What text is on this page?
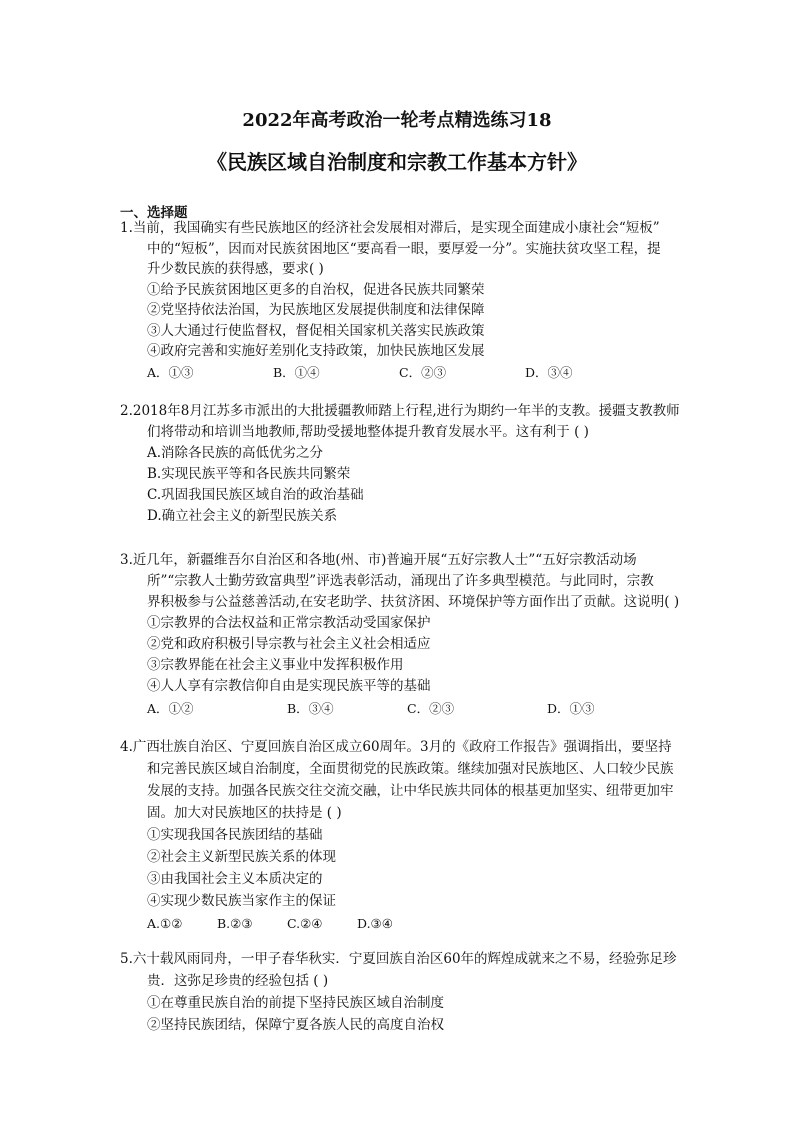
2022年高考政治一轮考点精选练习18
《民族区域自治制度和宗教工作基本方针》
一、选择题
1.当前，我国确实有些民族地区的经济社会发展相对滞后，是实现全面建成小康社会“短板”
中的“短板”，因而对民族贫困地区“要高看一眼，要厚爱一分”。实施扶贫攻坚工程，提
升少数民族的获得感，要求( )
①给予民族贫困地区更多的自治权，促进各民族共同繁荣
②党坚持依法治国，为民族地区发展提供制度和法律保障
③人大通过行使监督权，督促相关国家机关落实民族政策
④政府完善和实施好差别化支持政策，加快民族地区发展
A．①③	B．①④	C．②③	D．③④
2.2018年8月江苏多市派出的大批援疆教师踏上行程,进行为期约一年半的支教。援疆支教教师
们将带动和培训当地教师,帮助受援地整体提升教育发展水平。这有利于 ( )
A.消除各民族的高低优劣之分
B.实现民族平等和各民族共同繁荣
C.巩固我国民族区域自治的政治基础
D.确立社会主义的新型民族关系
3.近几年，新疆维吾尔自治区和各地(州、市)普遍开展“五好宗教人士”“五好宗教活动场
所”“宗教人士勤劳致富典型”评选表彰活动，涌现出了许多典型模范。与此同时，宗教
界积极参与公益慈善活动,在安老助学、扶贫济困、环境保护等方面作出了贡献。这说明( )
①宗教界的合法权益和正常宗教活动受国家保护
②党和政府积极引导宗教与社会主义社会相适应
③宗教界能在社会主义事业中发挥积极作用
④人人享有宗教信仰自由是实现民族平等的基础
A．①②	B．③④	C．②③	D．①③
4.广西壮族自治区、宁夏回族自治区成立60周年。3月的《政府工作报告》强调指出，要坚持
和完善民族区域自治制度，全面贯彻党的民族政策。继续加强对民族地区、人口较少民族
发展的支持。加强各民族交往交流交融，让中华民族共同体的根基更加坚实、纽带更加牢
固。加大对民族地区的扶持是 ( )
①实现我国各民族团结的基础
②社会主义新型民族关系的体现
③由我国社会主义本质决定的
④实现少数民族当家作主的保证
A.①②	B.②③	C.②④	D.③④
5.六十载风雨同舟，一甲子春华秋实．宁夏回族自治区60年的辉煌成就来之不易，经验弥足珍
贵．这弥足珍贵的经验包括 ( )
①在尊重民族自治的前提下坚持民族区域自治制度
②坚持民族团结，保障宁夏各族人民的高度自治权
